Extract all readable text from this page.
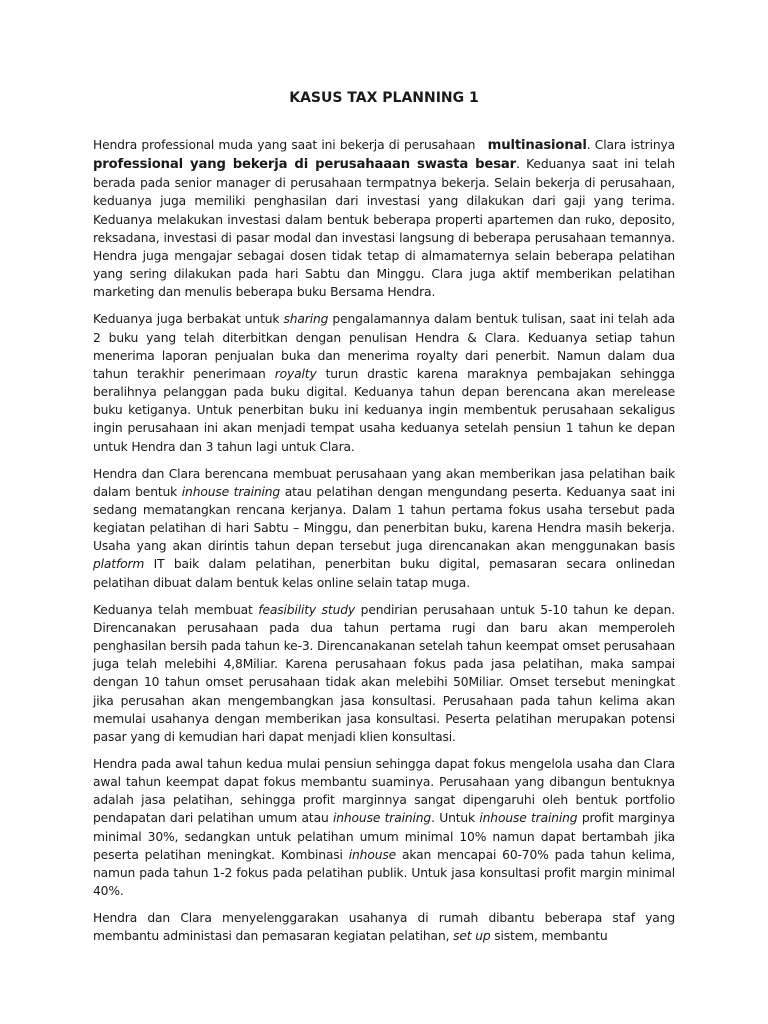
KASUS TAX PLANNING 1

Hendra professional muda yang saat ini bekerja di perusahaan multinasional. Clara istrinya professional yang bekerja di perusahaaan swasta besar. Keduanya saat ini telah berada pada senior manager di perusahaan termpatnya bekerja. Selain bekerja di perusahaan, keduanya juga memiliki penghasilan dari investasi yang dilakukan dari gaji yang terima. Keduanya melakukan investasi dalam bentuk beberapa properti apartemen dan ruko, deposito, reksadana, investasi di pasar modal dan investasi langsung di beberapa perusahaan temannya. Hendra juga mengajar sebagai dosen tidak tetap di almamaternya selain beberapa pelatihan yang sering dilakukan pada hari Sabtu dan Minggu. Clara juga aktif memberikan pelatihan marketing dan menulis beberapa buku Bersama Hendra.

Keduanya juga berbakat untuk sharing pengalamannya dalam bentuk tulisan, saat ini telah ada 2 buku yang telah diterbitkan dengan penulisan Hendra & Clara. Keduanya setiap tahun menerima laporan penjualan buka dan menerima royalty dari penerbit. Namun dalam dua tahun terakhir penerimaan royalty turun drastic karena maraknya pembajakan sehingga beralihnya pelanggan pada buku digital. Keduanya tahun depan berencana akan merelease buku ketiganya. Untuk penerbitan buku ini keduanya ingin membentuk perusahaan sekaligus ingin perusahaan ini akan menjadi tempat usaha keduanya setelah pensiun 1 tahun ke depan untuk Hendra dan 3 tahun lagi untuk Clara.

Hendra dan Clara berencana membuat perusahaan yang akan memberikan jasa pelatihan baik dalam bentuk inhouse training atau pelatihan dengan mengundang peserta. Keduanya saat ini sedang mematangkan rencana kerjanya. Dalam 1 tahun pertama fokus usaha tersebut pada kegiatan pelatihan di hari Sabtu – Minggu, dan penerbitan buku, karena Hendra masih bekerja. Usaha yang akan dirintis tahun depan tersebut juga direncanakan akan menggunakan basis platform IT baik dalam pelatihan, penerbitan buku digital, pemasaran secara onlinedan pelatihan dibuat dalam bentuk kelas online selain tatap muga.

Keduanya telah membuat feasibility study pendirian perusahaan untuk 5-10 tahun ke depan. Direncanakan perusahaan pada dua tahun pertama rugi dan baru akan memperoleh penghasilan bersih pada tahun ke-3. Direncanakanan setelah tahun keempat omset perusahaan juga telah melebihi 4,8Miliar. Karena perusahaan fokus pada jasa pelatihan, maka sampai dengan 10 tahun omset perusahaan tidak akan melebihi 50Miliar. Omset tersebut meningkat jika perusahan akan mengembangkan jasa konsultasi. Perusahaan pada tahun kelima akan memulai usahanya dengan memberikan jasa konsultasi. Peserta pelatihan merupakan potensi pasar yang di kemudian hari dapat menjadi klien konsultasi.

Hendra pada awal tahun kedua mulai pensiun sehingga dapat fokus mengelola usaha dan Clara awal tahun keempat dapat fokus membantu suaminya. Perusahaan yang dibangun bentuknya adalah jasa pelatihan, sehingga profit marginnya sangat dipengaruhi oleh bentuk portfolio pendapatan dari pelatihan umum atau inhouse training. Untuk inhouse training profit marginya minimal 30%, sedangkan untuk pelatihan umum minimal 10% namun dapat bertambah jika peserta pelatihan meningkat. Kombinasi inhouse akan mencapai 60-70% pada tahun kelima, namun pada tahun 1-2 fokus pada pelatihan publik. Untuk jasa konsultasi profit margin minimal 40%.

Hendra dan Clara menyelenggarakan usahanya di rumah dibantu beberapa staf yang membantu administasi dan pemasaran kegiatan pelatihan, set up sistem, membantu
